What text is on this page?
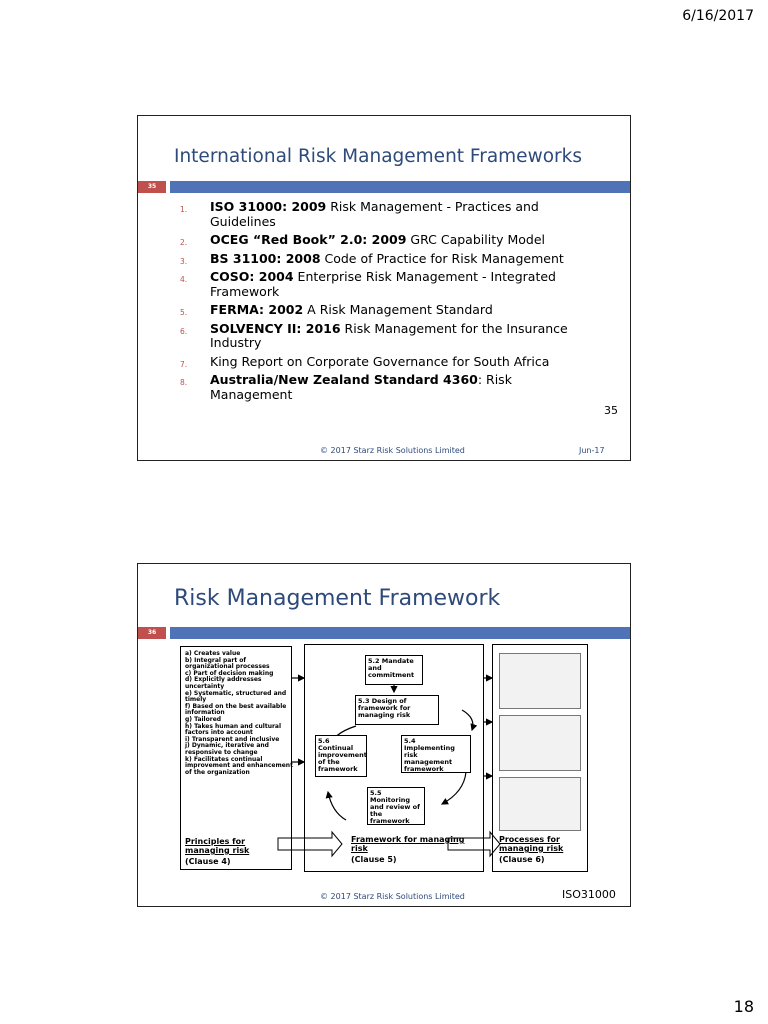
6/16/2017
International Risk Management Frameworks
35
1. ISO 31000: 2009 Risk Management - Practices and Guidelines
2. OCEG “Red Book” 2.0: 2009 GRC Capability Model
3. BS 31100: 2008 Code of Practice for Risk Management
4. COSO: 2004 Enterprise Risk Management - Integrated Framework
5. FERMA: 2002 A Risk Management Standard
6. SOLVENCY II: 2016 Risk Management for the Insurance Industry
7. King Report on Corporate Governance for South Africa
8. Australia/New Zealand Standard 4360: Risk Management
35
© 2017 Starz Risk Solutions Limited	Jun-17
Risk Management Framework
36
a) Creates value
b) Integral part of organizational processes
c) Part of decision making
d) Explicitly addresses uncertainty
e) Systematic, structured and timely
f) Based on the best available information
g) Tailored
h) Takes human and cultural factors into account
i) Transparent and inclusive
j) Dynamic, iterative and responsive to change
k) Facilitates continual improvement and enhancement of the organization
Principles for managing risk
(Clause 4)
5.2 Mandate and commitment
5.3 Design of framework for managing risk
5.6 Continual improvement of the framework
5.4 Implementing risk management framework
5.5 Monitoring and review of the framework
Framework for managing risk
(Clause 5)
Processes for managing risk
(Clause 6)
© 2017 Starz Risk Solutions Limited	ISO31000
18
